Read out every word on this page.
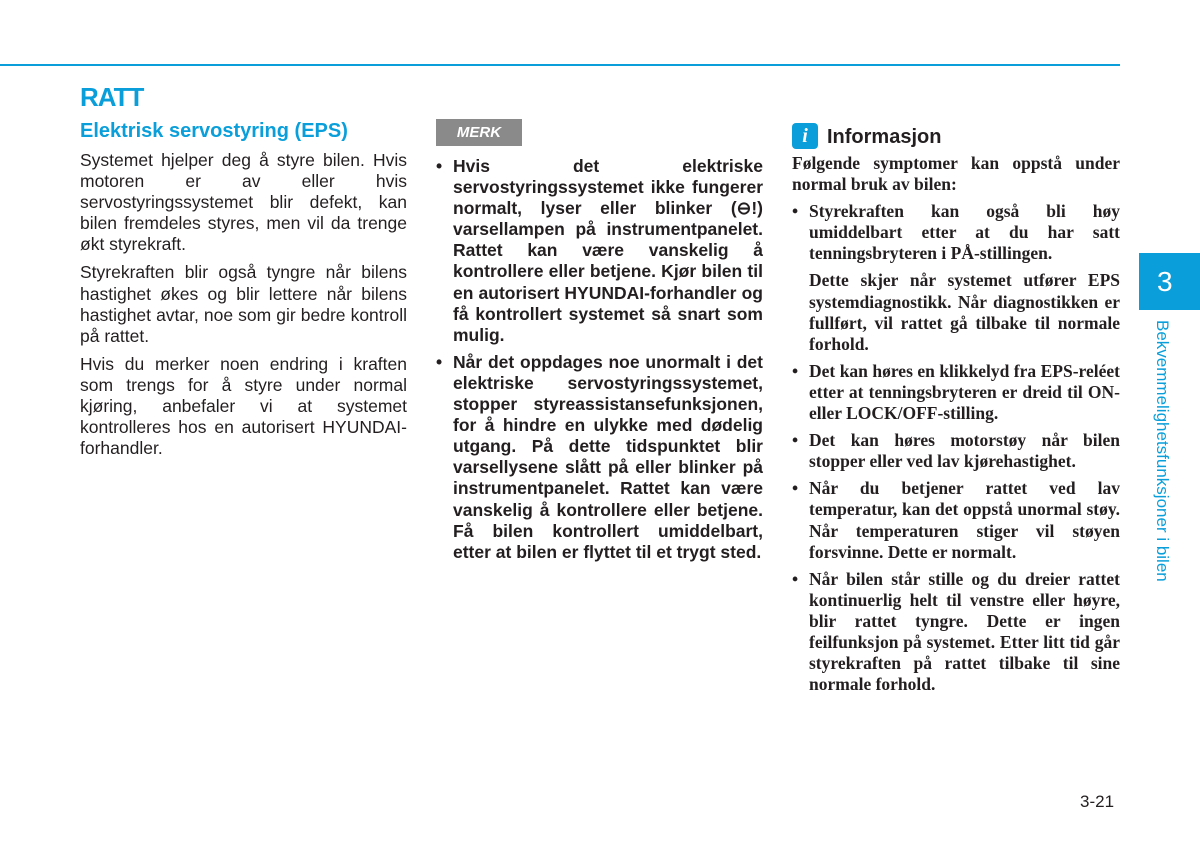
RATT
Elektrisk servostyring (EPS)

Systemet hjelper deg å styre bilen. Hvis motoren er av eller hvis servostyringssystemet blir defekt, kan bilen fremdeles styres, men vil da trenge økt styrekraft.

Styrekraften blir også tyngre når bilens hastighet økes og blir lettere når bilens hastighet avtar, noe som gir bedre kontroll på rattet.

Hvis du merker noen endring i kraften som trengs for å styre under normal kjøring, anbefaler vi at systemet kontrolleres hos en autorisert HYUNDAI-forhandler.

MERK
• Hvis det elektriske servostyringssystemet ikke fungerer normalt, lyser eller blinker (⊖!) varsellampen på instrumentpanelet. Rattet kan være vanskelig å kontrollere eller betjene. Kjør bilen til en autorisert HYUNDAI-forhandler og få kontrollert systemet så snart som mulig.
• Når det oppdages noe unormalt i det elektriske servostyringssystemet, stopper styreassistansefunksjonen, for å hindre en ulykke med dødelig utgang. På dette tidspunktet blir varsellysene slått på eller blinker på instrumentpanelet. Rattet kan være vanskelig å kontrollere eller betjene. Få bilen kontrollert umiddelbart, etter at bilen er flyttet til et trygt sted.
i Informasjon

Følgende symptomer kan oppstå under normal bruk av bilen:

• Styrekraften kan også bli høy umiddelbart etter at du har satt tenningsbryteren i PÅ-stillingen.

Dette skjer når systemet utfører EPS systemdiagnostikk. Når diagnostikken er fullført, vil rattet gå tilbake til normale forhold.

• Det kan høres en klikkelyd fra EPS-reléet etter at tenningsbryteren er dreid til ON- eller LOCK/OFF-stilling.
• Det kan høres motorstøy når bilen stopper eller ved lav kjørehastighet.
• Når du betjener rattet ved lav temperatur, kan det oppstå unormal støy. Når temperaturen stiger vil støyen forsvinne. Dette er normalt.
• Når bilen står stille og du dreier rattet kontinuerlig helt til venstre eller høyre, blir rattet tyngre. Dette er ingen feilfunksjon på systemet. Etter litt tid går styrekraften på rattet tilbake til sine normale forhold.
3
Bekvemmelighetsfunksjoner i bilen
3-21
